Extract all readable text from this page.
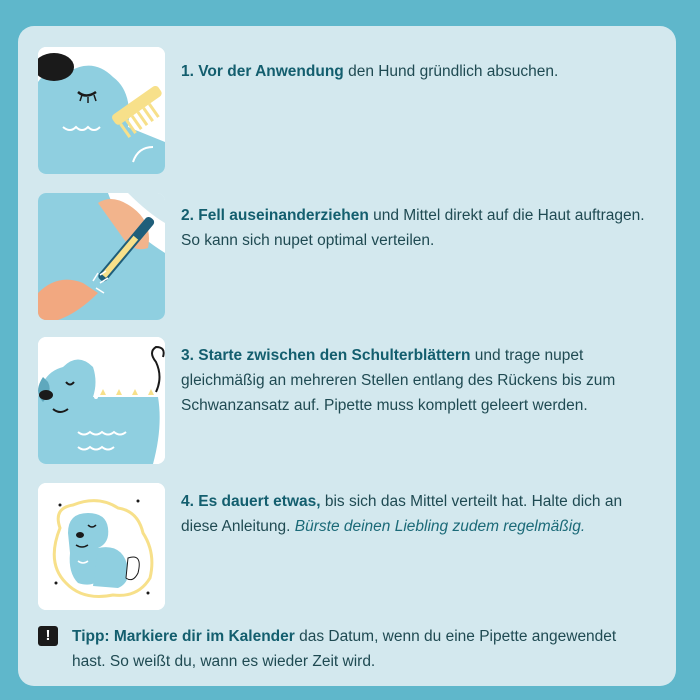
1. Vor der Anwendung den Hund gründlich absuchen.
2. Fell auseinanderziehen und Mittel direkt auf die Haut auftragen. So kann sich nupet optimal verteilen.
3. Starte zwischen den Schulterblättern und trage nupet gleichmäßig an mehreren Stellen entlang des Rückens bis zum Schwanzansatz auf. Pipette muss komplett geleert werden.
4. Es dauert etwas, bis sich das Mittel verteilt hat. Halte dich an diese Anleitung. Bürste deinen Liebling zudem regelmäßig.
!	Tipp: Markiere dir im Kalender das Datum, wenn du eine Pipette angewendet hast. So weißt du, wann es wieder Zeit wird.
